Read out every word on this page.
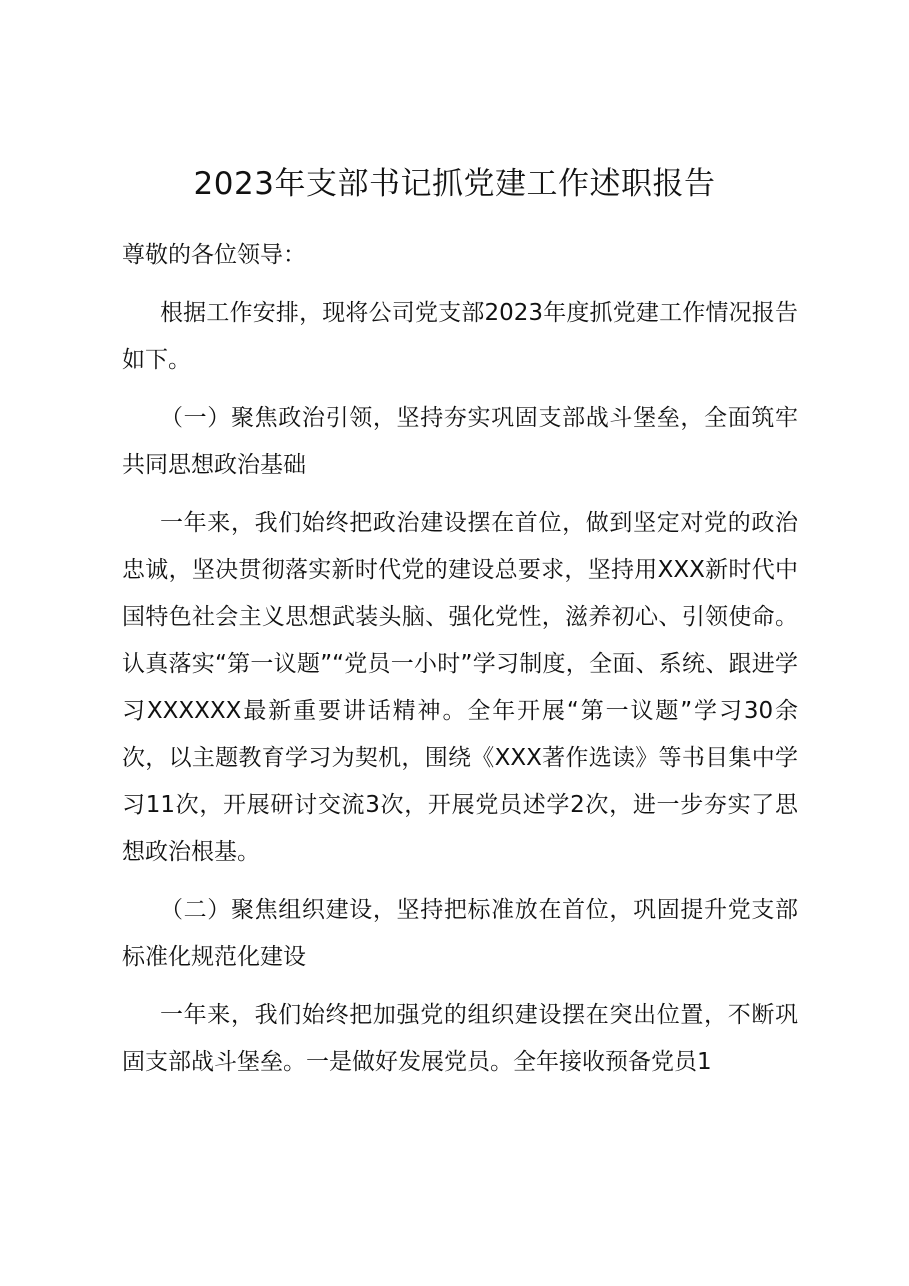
2023年支部书记抓党建工作述职报告

尊敬的各位领导：

根据工作安排，现将公司党支部2023年度抓党建工作情况报告如下。

（一）聚焦政治引领，坚持夯实巩固支部战斗堡垒，全面筑牢共同思想政治基础

一年来，我们始终把政治建设摆在首位，做到坚定对党的政治忠诚，坚决贯彻落实新时代党的建设总要求，坚持用XXX新时代中国特色社会主义思想武装头脑、强化党性，滋养初心、引领使命。认真落实“第一议题”“党员一小时”学习制度，全面、系统、跟进学习XXXXXX最新重要讲话精神。全年开展“第一议题”学习30余次，以主题教育学习为契机，围绕《XXX著作选读》等书目集中学习11次，开展研讨交流3次，开展党员述学2次，进一步夯实了思想政治根基。

（二）聚焦组织建设，坚持把标准放在首位，巩固提升党支部标准化规范化建设

一年来，我们始终把加强党的组织建设摆在突出位置，不断巩固支部战斗堡垒。一是做好发展党员。全年接收预备党员1
